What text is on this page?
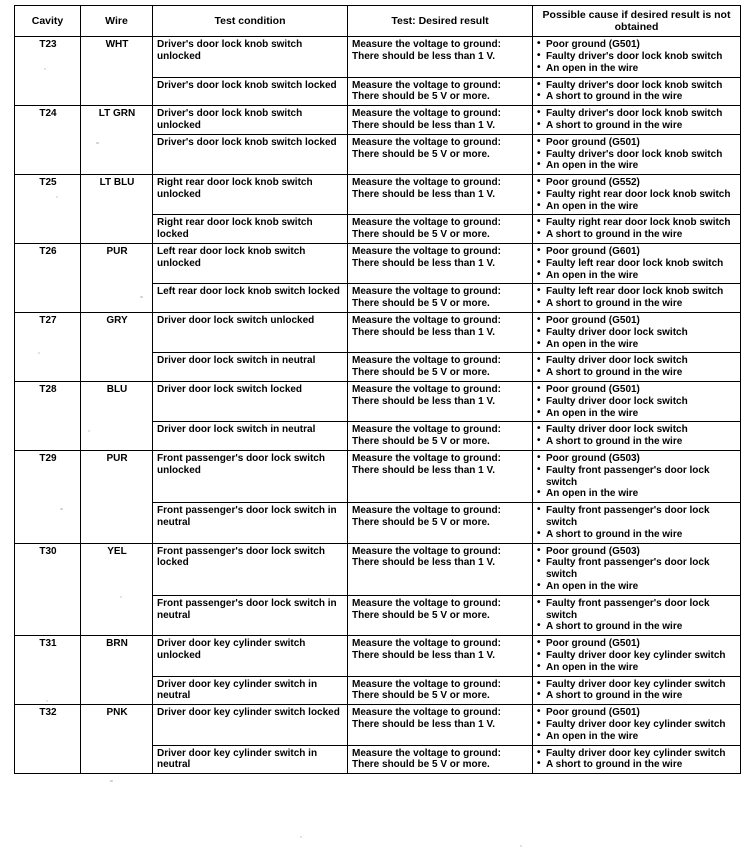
Cavity	Wire	Test condition	Test: Desired result	Possible cause if desired result is not obtained
T23	WHT	Driver's door lock knob switch unlocked	Measure the voltage to ground: There should be less than 1 V.	
• Poor ground (G501)
• Faulty driver's door lock knob switch
• An open in the wire

		Driver's door lock knob switch locked	Measure the voltage to ground: There should be 5 V or more.	
• Faulty driver's door lock knob switch
• A short to ground in the wire

T24	LT GRN	Driver's door lock knob switch unlocked	Measure the voltage to ground: There should be less than 1 V.	
• Faulty driver's door lock knob switch
• A short to ground in the wire

		Driver's door lock knob switch locked	Measure the voltage to ground: There should be 5 V or more.	
• Poor ground (G501)
• Faulty driver's door lock knob switch
• An open in the wire

T25	LT BLU	Right rear door lock knob switch unlocked	Measure the voltage to ground: There should be less than 1 V.	
• Poor ground (G552)
• Faulty right rear door lock knob switch
• An open in the wire

		Right rear door lock knob switch locked	Measure the voltage to ground: There should be 5 V or more.	
• Faulty right rear door lock knob switch
• A short to ground in the wire

T26	PUR	Left rear door lock knob switch unlocked	Measure the voltage to ground: There should be less than 1 V.	
• Poor ground (G601)
• Faulty left rear door lock knob switch
• An open in the wire

		Left rear door lock knob switch locked	Measure the voltage to ground: There should be 5 V or more.	
• Faulty left rear door lock knob switch
• A short to ground in the wire

T27	GRY	Driver door lock switch unlocked	Measure the voltage to ground: There should be less than 1 V.	
• Poor ground (G501)
• Faulty driver door lock switch
• An open in the wire

		Driver door lock switch in neutral	Measure the voltage to ground: There should be 5 V or more.	
• Faulty driver door lock switch
• A short to ground in the wire

T28	BLU	Driver door lock switch locked	Measure the voltage to ground: There should be less than 1 V.	
• Poor ground (G501)
• Faulty driver door lock switch
• An open in the wire

		Driver door lock switch in neutral	Measure the voltage to ground: There should be 5 V or more.	
• Faulty driver door lock switch
• A short to ground in the wire

T29	PUR	Front passenger's door lock switch unlocked	Measure the voltage to ground: There should be less than 1 V.	
• Poor ground (G503)
• Faulty front passenger's door lock switch
• An open in the wire

		Front passenger's door lock switch in neutral	Measure the voltage to ground: There should be 5 V or more.	
• Faulty front passenger's door lock switch
• A short to ground in the wire

T30	YEL	Front passenger's door lock switch locked	Measure the voltage to ground: There should be less than 1 V.	
• Poor ground (G503)
• Faulty front passenger's door lock switch
• An open in the wire

		Front passenger's door lock switch in neutral	Measure the voltage to ground: There should be 5 V or more.	
• Faulty front passenger's door lock switch
• A short to ground in the wire

T31	BRN	Driver door key cylinder switch unlocked	Measure the voltage to ground: There should be less than 1 V.	
• Poor ground (G501)
• Faulty driver door key cylinder switch
• An open in the wire

		Driver door key cylinder switch in neutral	Measure the voltage to ground: There should be 5 V or more.	
• Faulty driver door key cylinder switch
• A short to ground in the wire

T32	PNK	Driver door key cylinder switch locked	Measure the voltage to ground: There should be less than 1 V.	
• Poor ground (G501)
• Faulty driver door key cylinder switch
• An open in the wire

		Driver door key cylinder switch in neutral	Measure the voltage to ground: There should be 5 V or more.	
• Faulty driver door key cylinder switch
• A short to ground in the wire
